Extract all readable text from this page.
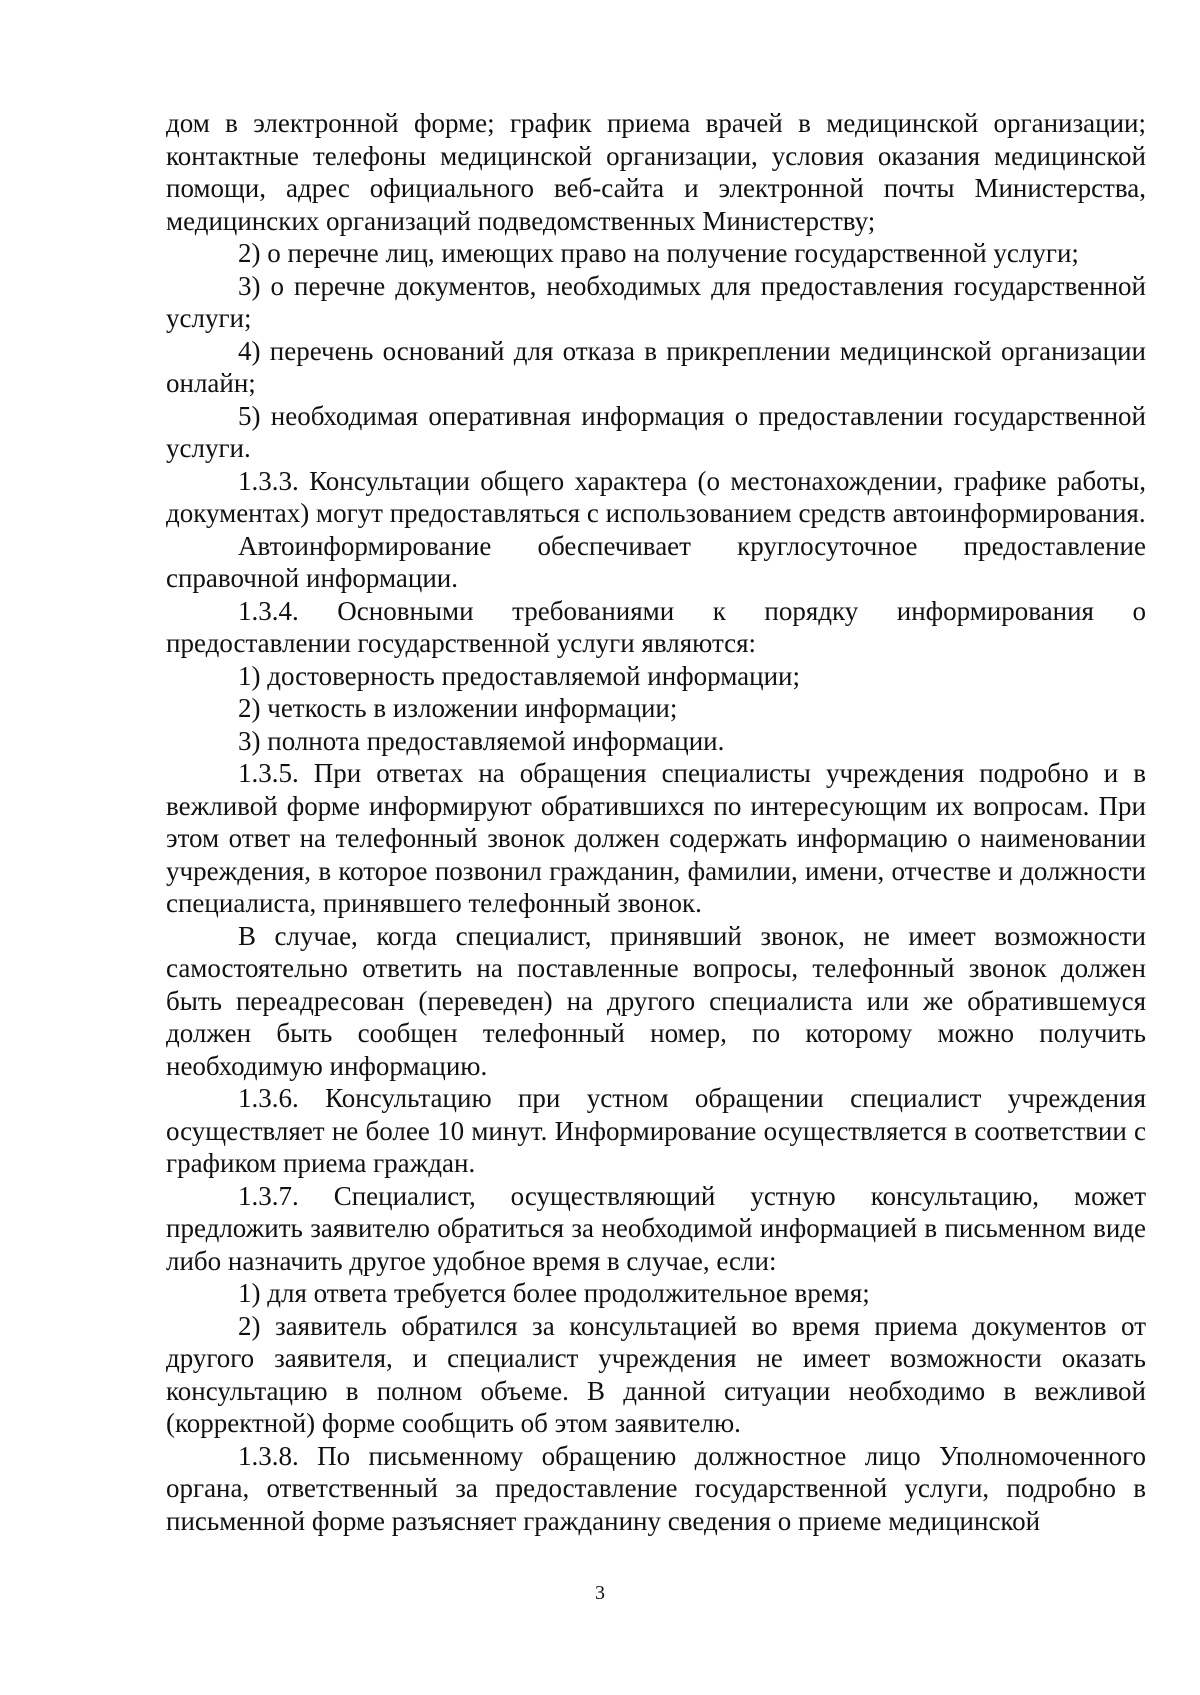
дом в электронной форме; график приема врачей в медицинской организации; контактные телефоны медицинской организации, условия оказания медицинской помощи, адрес официального веб-сайта и электронной почты Министерства, медицинских организаций подведомственных Министерству;

2) о перечне лиц, имеющих право на получение государственной услуги;

3) о перечне документов, необходимых для предоставления государственной услуги;

4) перечень оснований для отказа в прикреплении медицинской организации онлайн;

5) необходимая оперативная информация о предоставлении государственной услуги.

1.3.3. Консультации общего характера (о местонахождении, графике работы, документах) могут предоставляться с использованием средств автоинформирования.

Автоинформирование обеспечивает круглосуточное предоставление справочной информации.

1.3.4. Основными требованиями к порядку информирования о предоставлении государственной услуги являются:

1) достоверность предоставляемой информации;

2) четкость в изложении информации;

3) полнота предоставляемой информации.

1.3.5. При ответах на обращения специалисты учреждения подробно и в вежливой форме информируют обратившихся по интересующим их вопросам. При этом ответ на телефонный звонок должен содержать информацию о наименовании учреждения, в которое позвонил гражданин, фамилии, имени, отчестве и должности специалиста, принявшего телефонный звонок.

В случае, когда специалист, принявший звонок, не имеет возможности самостоятельно ответить на поставленные вопросы, телефонный звонок должен быть переадресован (переведен) на другого специалиста или же обратившемуся должен быть сообщен телефонный номер, по которому можно получить необходимую информацию.

1.3.6. Консультацию при устном обращении специалист учреждения осуществляет не более 10 минут. Информирование осуществляется в соответствии с графиком приема граждан.

1.3.7. Специалист, осуществляющий устную консультацию, может предложить заявителю обратиться за необходимой информацией в письменном виде либо назначить другое удобное время в случае, если:

1) для ответа требуется более продолжительное время;

2) заявитель обратился за консультацией во время приема документов от другого заявителя, и специалист учреждения не имеет возможности оказать консультацию в полном объеме. В данной ситуации необходимо в вежливой (корректной) форме сообщить об этом заявителю.

1.3.8. По письменному обращению должностное лицо Уполномоченного органа, ответственный за предоставление государственной услуги, подробно в письменной форме разъясняет гражданину сведения о приеме медицинской

3
